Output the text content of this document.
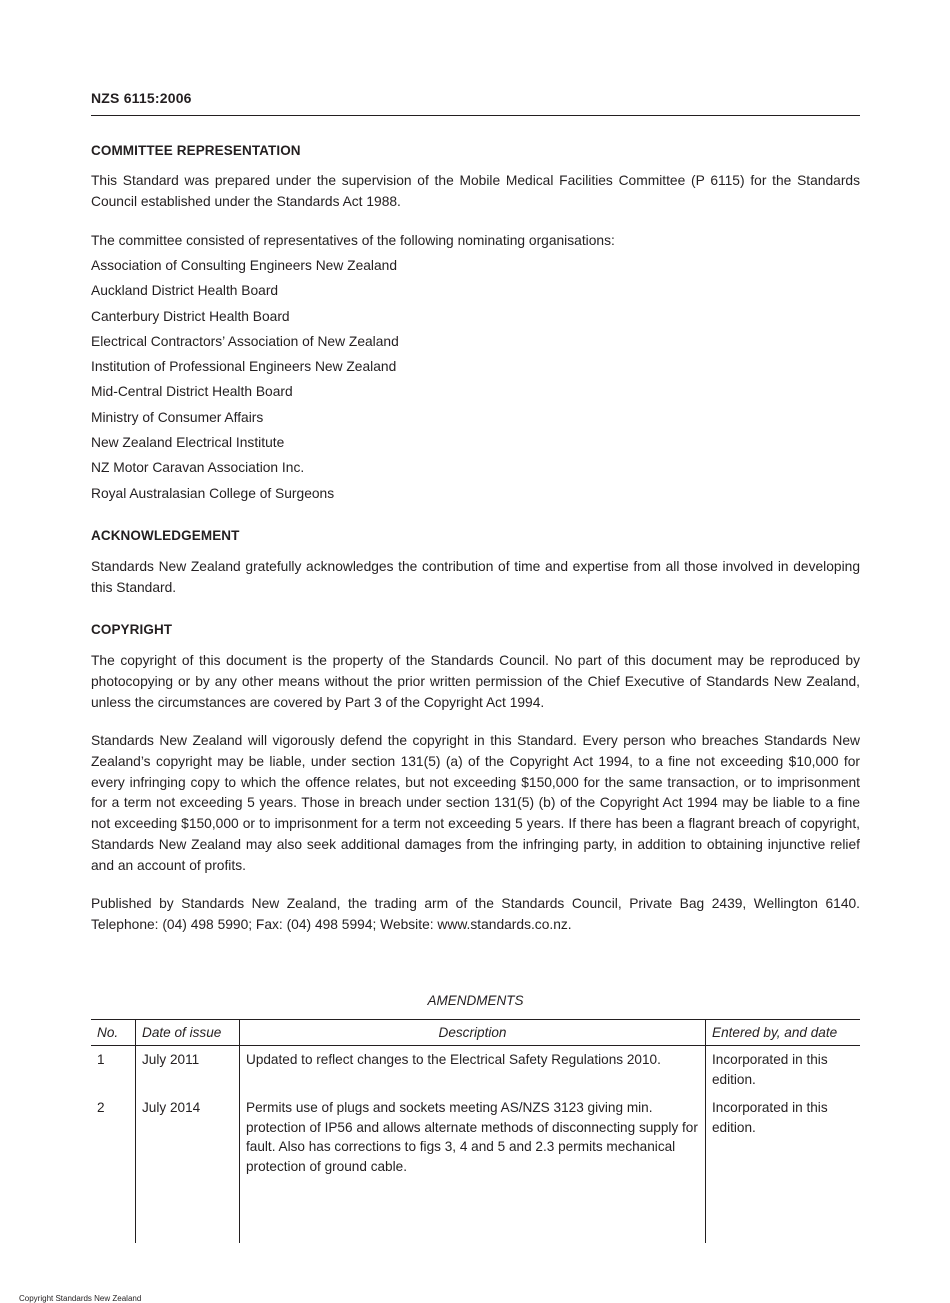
NZS 6115:2006
COMMITTEE REPRESENTATION

This Standard was prepared under the supervision of the Mobile Medical Facilities Committee (P 6115) for the Standards Council established under the Standards Act 1988.

The committee consisted of representatives of the following nominating organisations:

Association of Consulting Engineers New Zealand
Auckland District Health Board
Canterbury District Health Board
Electrical Contractors’ Association of New Zealand
Institution of Professional Engineers New Zealand
Mid-Central District Health Board
Ministry of Consumer Affairs
New Zealand Electrical Institute
NZ Motor Caravan Association Inc.
Royal Australasian College of Surgeons
ACKNOWLEDGEMENT

Standards New Zealand gratefully acknowledges the contribution of time and expertise from all those involved in developing this Standard.

COPYRIGHT

The copyright of this document is the property of the Standards Council. No part of this document may be reproduced by photocopying or by any other means without the prior written permission of the Chief Executive of Standards New Zealand, unless the circumstances are covered by Part 3 of the Copyright Act 1994.

Standards New Zealand will vigorously defend the copyright in this Standard. Every person who breaches Standards New Zealand’s copyright may be liable, under section 131(5) (a) of the Copyright Act 1994, to a fine not exceeding $10,000 for every infringing copy to which the offence relates, but not exceeding $150,000 for the same transaction, or to imprisonment for a term not exceeding 5 years. Those in breach under section 131(5) (b) of the Copyright Act 1994 may be liable to a fine not exceeding $150,000 or to imprisonment for a term not exceeding 5 years. If there has been a flagrant breach of copyright, Standards New Zealand may also seek additional damages from the infringing party, in addition to obtaining injunctive relief and an account of profits.

Published by Standards New Zealand, the trading arm of the Standards Council, Private Bag 2439, Wellington 6140. Telephone: (04) 498 5990; Fax: (04) 498 5994; Website: www.standards.co.nz.

AMENDMENTS
No.	Date of issue	Description	Entered by, and date
1	July 2011	Updated to reflect changes to the Electrical Safety Regulations 2010.	Incorporated in this edition.
2	July 2014	Permits use of plugs and sockets meeting AS/NZS 3123 giving min. protection of IP56 and allows alternate methods of disconnecting supply for fault. Also has corrections to figs 3, 4 and 5 and 2.3 permits mechanical protection of ground cable.	Incorporated in this edition.
Copyright Standards New Zealand
